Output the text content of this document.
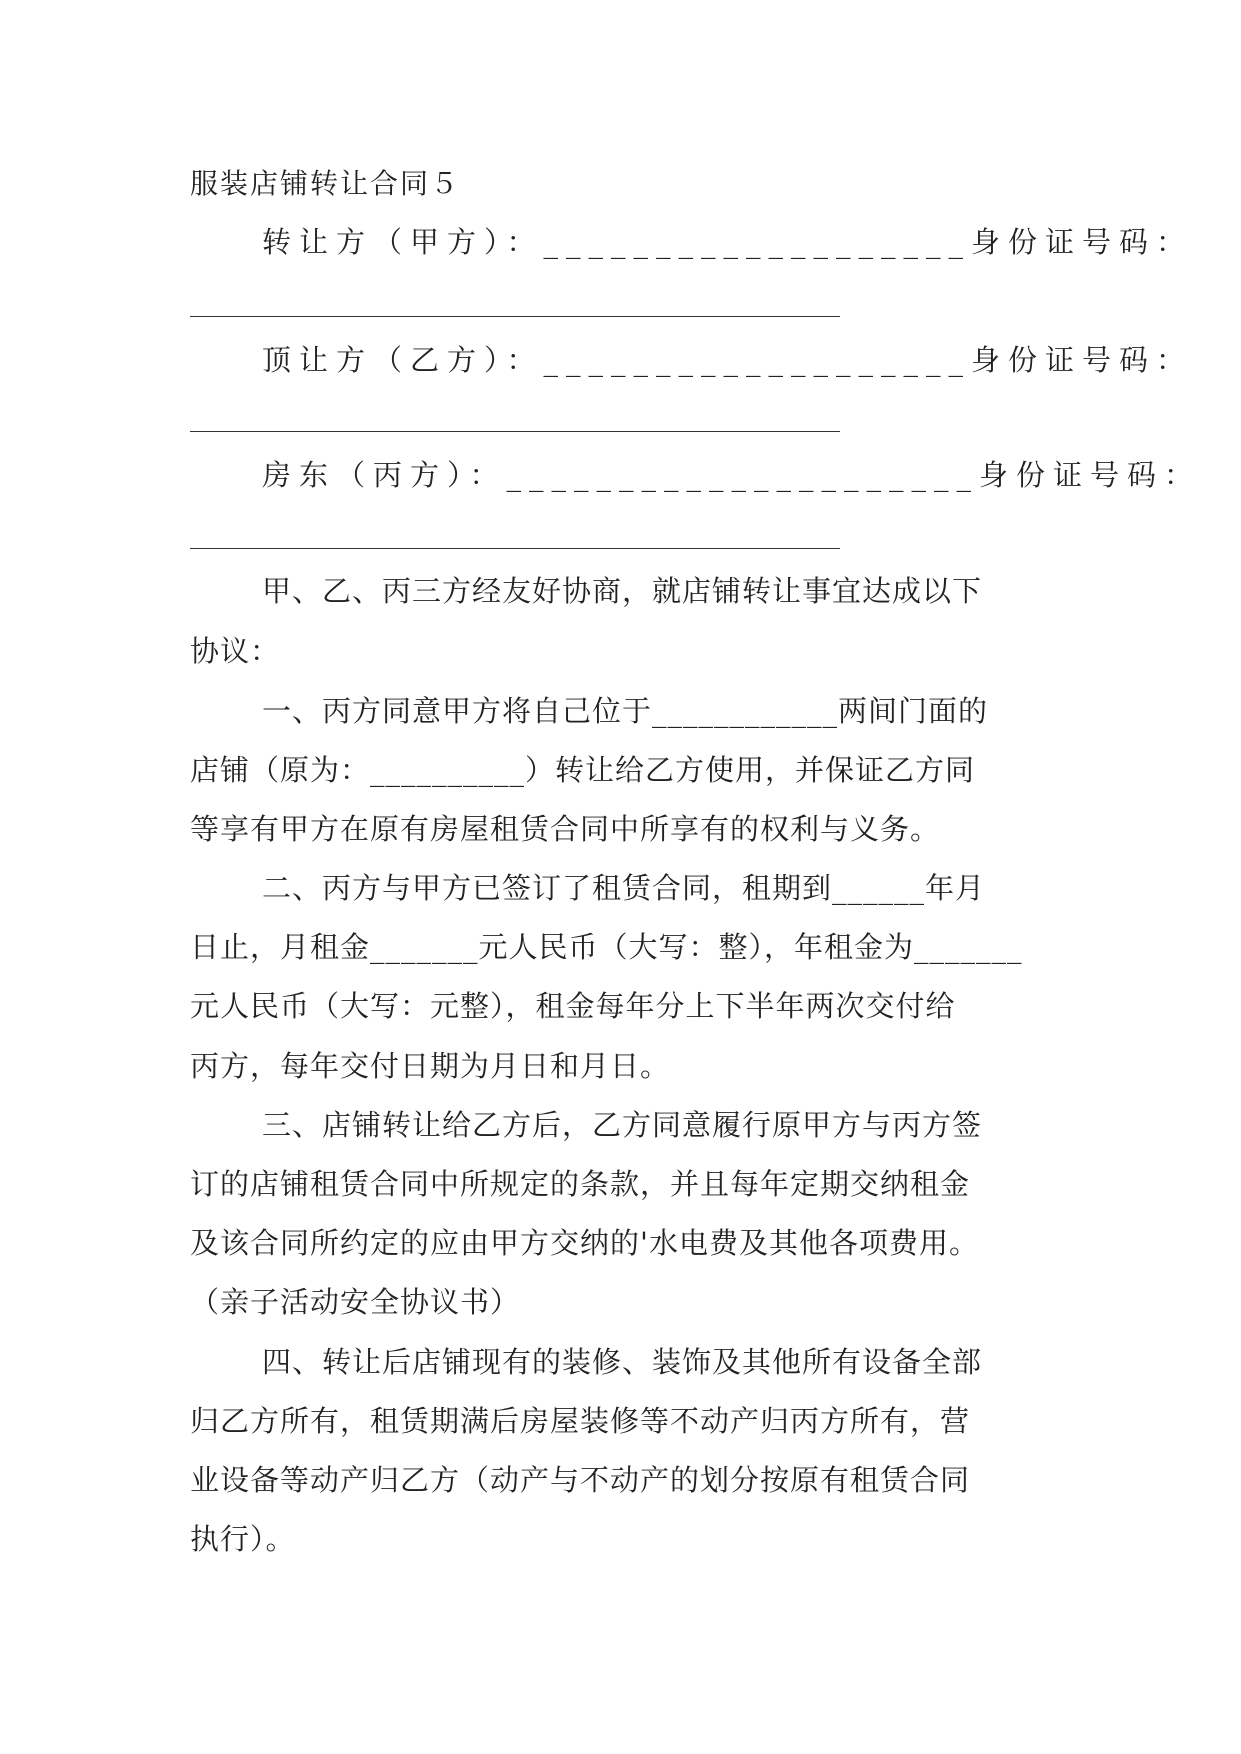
服装店铺转让合同５
转让方（甲方）：___________________身份证号码：
顶让方（乙方）：___________________身份证号码：
房东（丙方）：_____________________身份证号码：
甲、乙、丙三方经友好协商，就店铺转让事宜达成以下
协议：
一、丙方同意甲方将自己位于____________两间门面的
店铺（原为：__________）转让给乙方使用，并保证乙方同
等享有甲方在原有房屋租赁合同中所享有的权利与义务。
二、丙方与甲方已签订了租赁合同，租期到______年月
日止，月租金_______元人民币（大写：整），年租金为_______
元人民币（大写：元整），租金每年分上下半年两次交付给
丙方，每年交付日期为月日和月日。
三、店铺转让给乙方后，乙方同意履行原甲方与丙方签
订的店铺租赁合同中所规定的条款，并且每年定期交纳租金
及该合同所约定的应由甲方交纳的'水电费及其他各项费用。
（亲子活动安全协议书）
四、转让后店铺现有的装修、装饰及其他所有设备全部
归乙方所有，租赁期满后房屋装修等不动产归丙方所有，营
业设备等动产归乙方（动产与不动产的划分按原有租赁合同
执行）。
